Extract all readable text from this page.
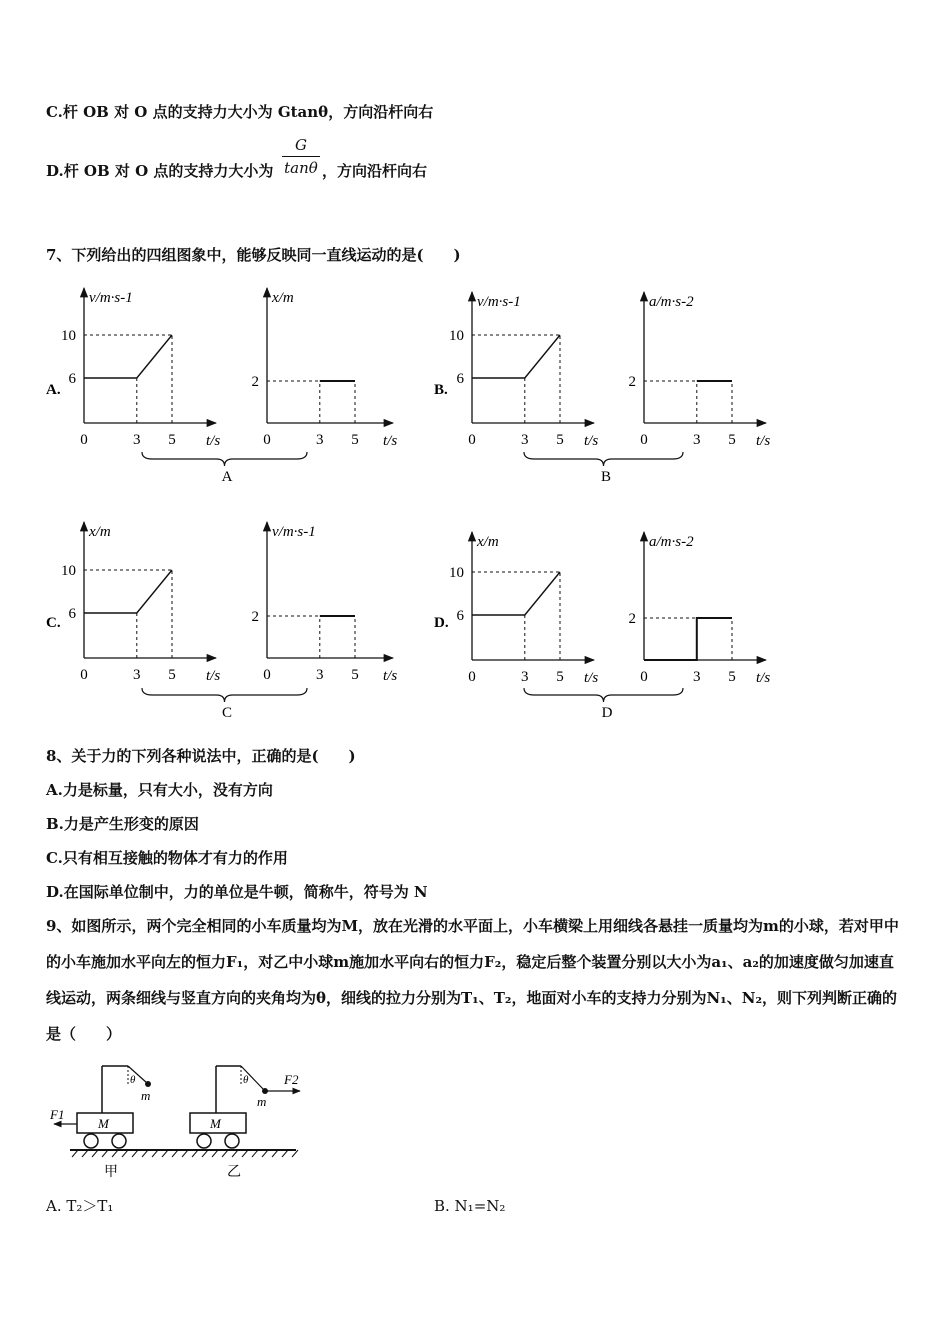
C.杆 OB 对 O 点的支持力大小为 Gtanθ，方向沿杆向右
D.杆 OB 对 O 点的支持力大小为
G
tanθ ，方向沿杆向右
7、下列给出的四组图象中，能够反映同一直线运动的是(　　)
A.	B.
C.	D.
A	B
C	D
v/m·s-1
t/s
0	3 5
6
10
x/m
t/s
0	3 5
2
v/m·s-1
t/s
0	3 5
6
10
a/m·s-2
t/s
0	3 5
2
x/m
t/s
0	3 5
6
10
v/m·s-1
t/s
0	3 5
2
x/m
t/s
0	3 5
6
10
a/m·s-2
t/s
0	3 5
2
8、关于力的下列各种说法中，正确的是(　　)
A.力是标量，只有大小，没有方向
B.力是产生形变的原因
C.只有相互接触的物体才有力的作用
D.在国际单位制中，力的单位是牛顿，简称牛，符号为 N
9、如图所示，两个完全相同的小车质量均为M，放在光滑的水平面上，小车横梁上用细线各悬挂一质量均为m的小球，若对甲中的小车施加水平向左的恒力F₁，对乙中小球m施加水平向右的恒力F₂，稳定后整个装置分别以大小为a₁、a₂的加速度做匀加速直线运动，两条细线与竖直方向的夹角均为θ，细线的拉力分别为T₁、T₂，地面对小车的支持力分别为N₁、N₂，则下列判断正确的是（　　）
M
θ
m
F1
甲
M
θ
m
F2
乙
A. T₂＞T₁	B. N₁=N₂
